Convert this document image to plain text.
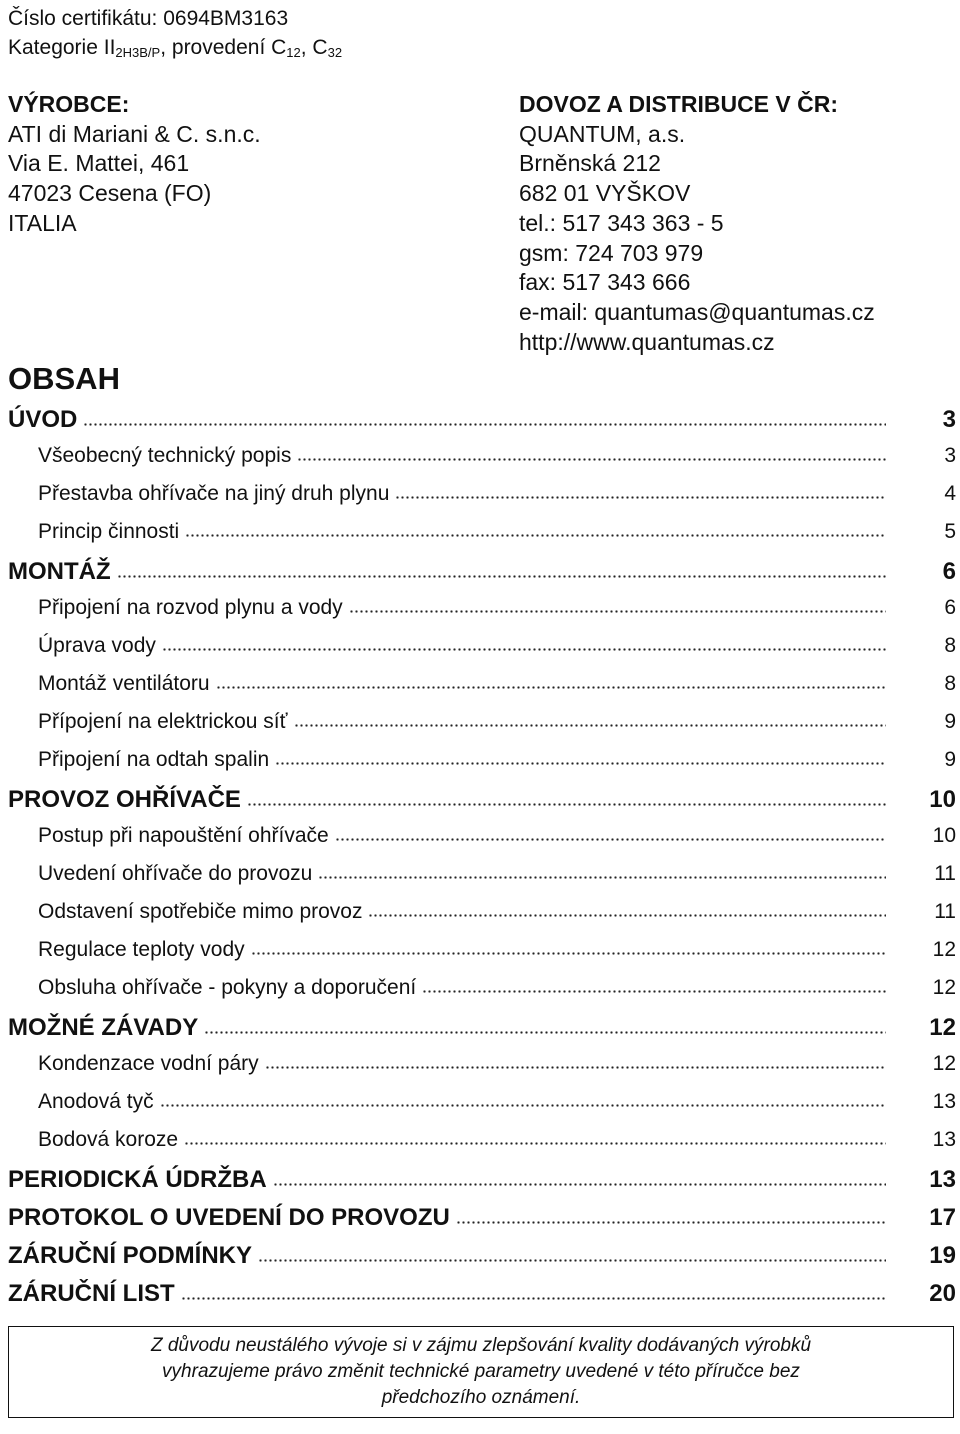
Číslo certifikátu: 0694BM3163
Kategorie $II_{2H3B/P}$, provedení $C_{12}$, $C_{32}$
VÝROBCE:
ATI di Mariani & C. s.n.c.
Via E. Mattei, 461
47023 Cesena (FO)
ITALIA
DOVOZ A DISTRIBUCE V ČR:
QUANTUM, a.s.
Brněnská 212
682 01 VYŠKOV
tel.: 517 343 363 - 5
gsm: 724 703 979
fax: 517 343 666
e-mail: quantumas@quantumas.cz
http://www.quantumas.cz
OBSAH
ÚVOD	3
Všeobecný technický popis	3
Přestavba ohřívače na jiný druh plynu	4
Princip činnosti	5
MONTÁŽ	6
Připojení na rozvod plynu a vody	6
Úprava vody	8
Montáž ventilátoru	8
Přípojení na elektrickou síť	9
Připojení na odtah spalin	9
PROVOZ OHŘÍVAČE	10
Postup při napouštění ohřívače	10
Uvedení ohřívače do provozu	11
Odstavení spotřebiče mimo provoz	11
Regulace teploty vody	12
Obsluha ohřívače - pokyny a doporučení	12
MOŽNÉ ZÁVADY	12
Kondenzace vodní páry	12
Anodová tyč	13
Bodová koroze	13
PERIODICKÁ ÚDRŽBA	13
PROTOKOL O UVEDENÍ DO PROVOZU	17
ZÁRUČNÍ PODMÍNKY	19
ZÁRUČNÍ LIST	20
Z důvodu neustálého vývoje si v zájmu zlepšování kvality dodávaných výrobků
vyhrazujeme právo změnit technické parametry uvedené v této příručce bez
předchozího oznámení.
